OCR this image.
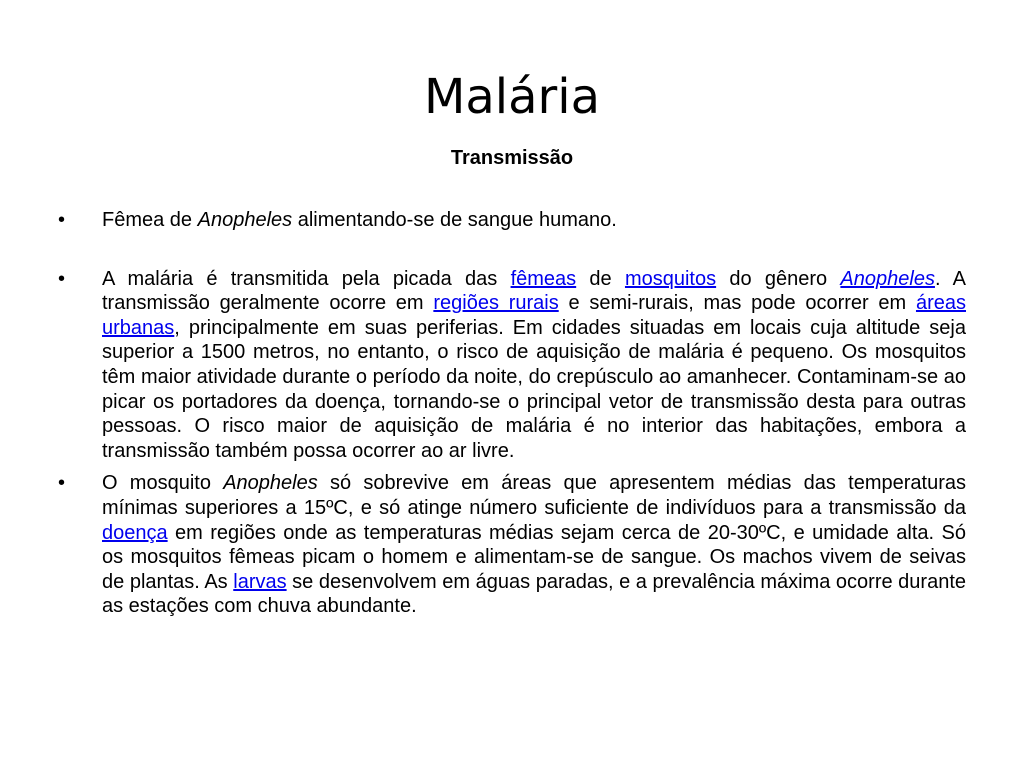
Malária
Transmissão
•	Fêmea de Anopheles alimentando-se de sangue humano.
•	A malária é transmitida pela picada das fêmeas de mosquitos do gênero Anopheles. A transmissão geralmente ocorre em regiões rurais e semi-rurais, mas pode ocorrer em áreas urbanas, principalmente em suas periferias. Em cidades situadas em locais cuja altitude seja superior a 1500 metros, no entanto, o risco de aquisição de malária é pequeno. Os mosquitos têm maior atividade durante o período da noite, do crepúsculo ao amanhecer. Contaminam-se ao picar os portadores da doença, tornando-se o principal vetor de transmissão desta para outras pessoas. O risco maior de aquisição de malária é no interior das habitações, embora a transmissão também possa ocorrer ao ar livre.
•	O mosquito Anopheles só sobrevive em áreas que apresentem médias das temperaturas mínimas superiores a 15ºC, e só atinge número suficiente de indivíduos para a transmissão da doença em regiões onde as temperaturas médias sejam cerca de 20-30ºC, e umidade alta. Só os mosquitos fêmeas picam o homem e alimentam-se de sangue. Os machos vivem de seivas de plantas. As larvas se desenvolvem em águas paradas, e a prevalência máxima ocorre durante as estações com chuva abundante.
